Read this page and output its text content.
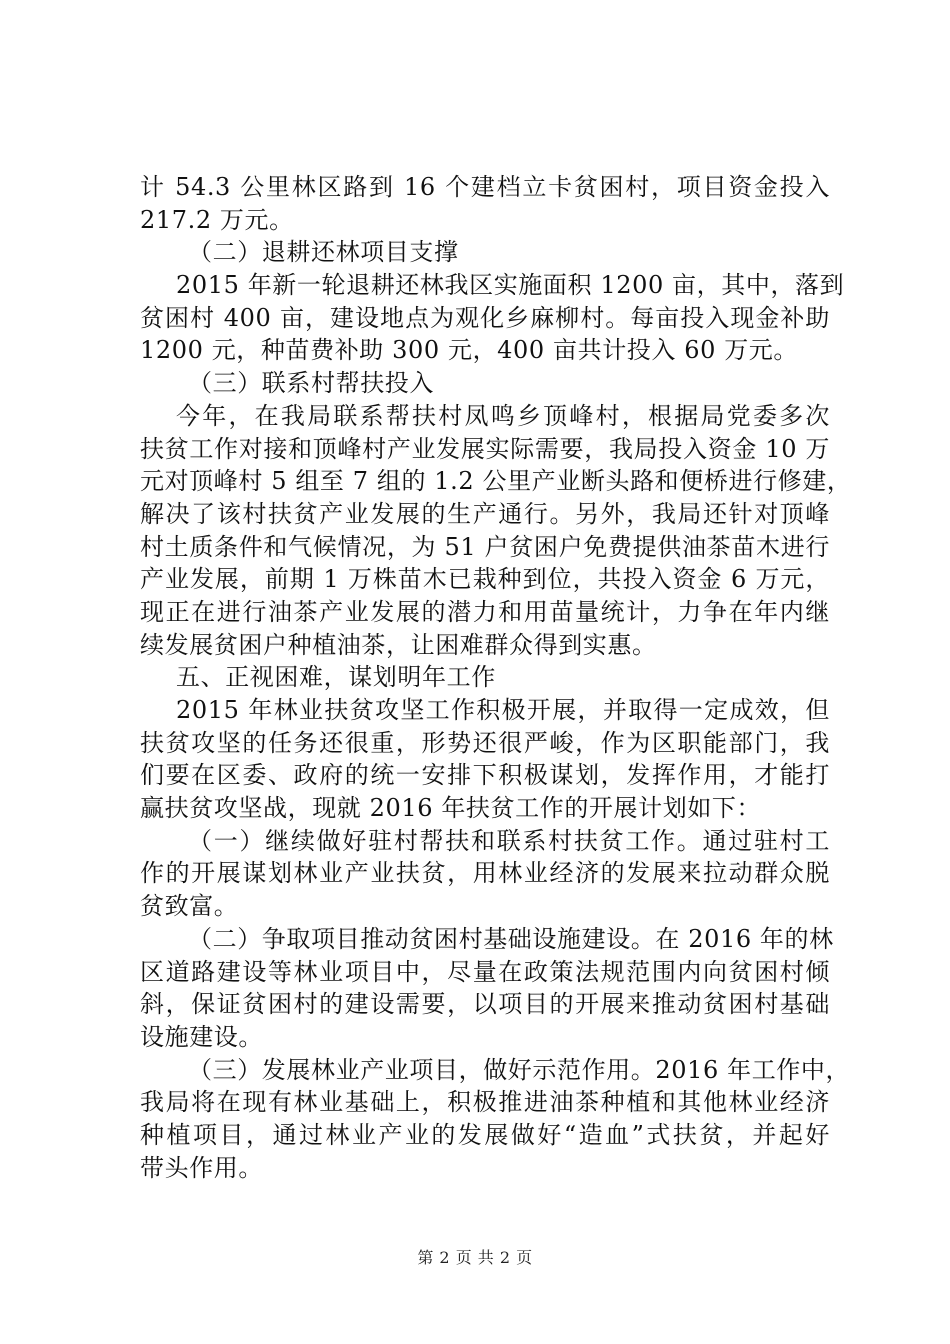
计 54.3 公里林区路到 16 个建档立卡贫困村，项目资金投入
217.2 万元。
（二）退耕还林项目支撑
2015 年新一轮退耕还林我区实施面积 1200 亩，其中，落到
贫困村 400 亩，建设地点为观化乡麻柳村。每亩投入现金补助
1200 元，种苗费补助 300 元，400 亩共计投入 60 万元。
（三）联系村帮扶投入
今年，在我局联系帮扶村凤鸣乡顶峰村，根据局党委多次
扶贫工作对接和顶峰村产业发展实际需要，我局投入资金 10 万
元对顶峰村 5 组至 7 组的 1.2 公里产业断头路和便桥进行修建，
解决了该村扶贫产业发展的生产通行。另外，我局还针对顶峰
村土质条件和气候情况，为 51 户贫困户免费提供油茶苗木进行
产业发展，前期 1 万株苗木已栽种到位，共投入资金 6 万元，
现正在进行油茶产业发展的潜力和用苗量统计，力争在年内继
续发展贫困户种植油茶，让困难群众得到实惠。
五、正视困难，谋划明年工作
2015 年林业扶贫攻坚工作积极开展，并取得一定成效，但
扶贫攻坚的任务还很重，形势还很严峻，作为区职能部门，我
们要在区委、政府的统一安排下积极谋划，发挥作用，才能打
赢扶贫攻坚战，现就 2016 年扶贫工作的开展计划如下：
（一）继续做好驻村帮扶和联系村扶贫工作。通过驻村工
作的开展谋划林业产业扶贫，用林业经济的发展来拉动群众脱
贫致富。
（二）争取项目推动贫困村基础设施建设。在 2016 年的林
区道路建设等林业项目中，尽量在政策法规范围内向贫困村倾
斜，保证贫困村的建设需要，以项目的开展来推动贫困村基础
设施建设。
（三）发展林业产业项目，做好示范作用。2016 年工作中，
我局将在现有林业基础上，积极推进油茶种植和其他林业经济
种植项目，通过林业产业的发展做好“造血”式扶贫，并起好
带头作用。
第 2 页 共 2 页
